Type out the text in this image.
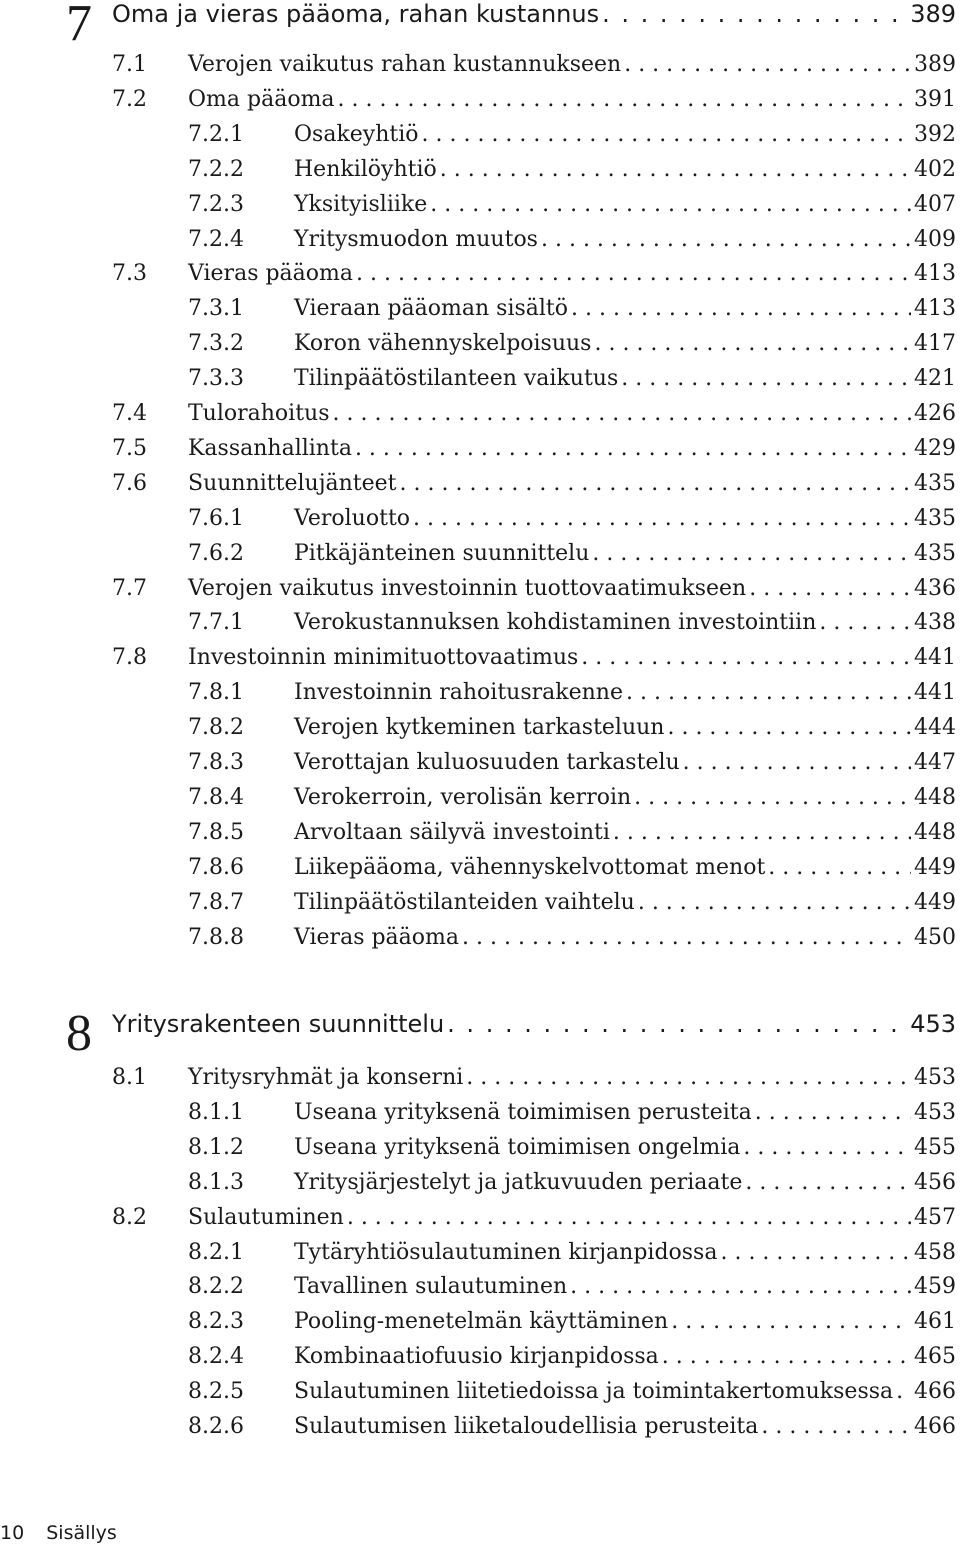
7 Oma ja vieras pääoma, rahan kustannus . . .	389
7.1 Verojen vaikutus rahan kustannukseen . . .	389
7.2 Oma pääoma . . .	391
7.2.1 Osakeyhtiö . . .	392
7.2.2 Henkilöyhtiö . . .	402
7.2.3 Yksityisliike . . .	407
7.2.4 Yritysmuodon muutos . . .	409
7.3 Vieras pääoma . . .	413
7.3.1 Vieraan pääoman sisältö . . .	413
7.3.2 Koron vähennyskelpoisuus . . .	417
7.3.3 Tilinpäätöstilanteen vaikutus . . .	421
7.4 Tulorahoitus . . .	426
7.5 Kassanhallinta . . .	429
7.6 Suunnittelujänteet . . .	435
7.6.1 Veroluotto . . .	435
7.6.2 Pitkäjänteinen suunnittelu . . .	435
7.7 Verojen vaikutus investoinnin tuottovaatimukseen . . .	436
7.7.1 Verokustannuksen kohdistaminen investointiin . . .	438
7.8 Investoinnin minimituottovaatimus . . .	441
7.8.1 Investoinnin rahoitusrakenne . . .	441
7.8.2 Verojen kytkeminen tarkasteluun . . .	444
7.8.3 Verottajan kuluosuuden tarkastelu . . .	447
7.8.4 Verokerroin, verolisän kerroin . . .	448
7.8.5 Arvoltaan säilyvä investointi . . .	448
7.8.6 Liikepääoma, vähennyskelvottomat menot . . .	449
7.8.7 Tilinpäätöstilanteiden vaihtelu . . .	449
7.8.8 Vieras pääoma . . .	450
8 Yritysrakenteen suunnittelu . . .	453
8.1 Yritysryhmät ja konserni . . .	453
8.1.1 Useana yrityksenä toimimisen perusteita . . .	453
8.1.2 Useana yrityksenä toimimisen ongelmia . . .	455
8.1.3 Yritysjärjestelyt ja jatkuvuuden periaate . . .	456
8.2 Sulautuminen . . .	457
8.2.1 Tytäryhtiösulautuminen kirjanpidossa . . .	458
8.2.2 Tavallinen sulautuminen . . .	459
8.2.3 Pooling-menetelmän käyttäminen . . .	461
8.2.4 Kombinaatiofuusio kirjanpidossa . . .	465
8.2.5 Sulautuminen liitetiedoissa ja toimintakertomuksessa . . . 466
8.2.6 Sulautumisen liiketaloudellisia perusteita . . .	466
10 Sisällys
